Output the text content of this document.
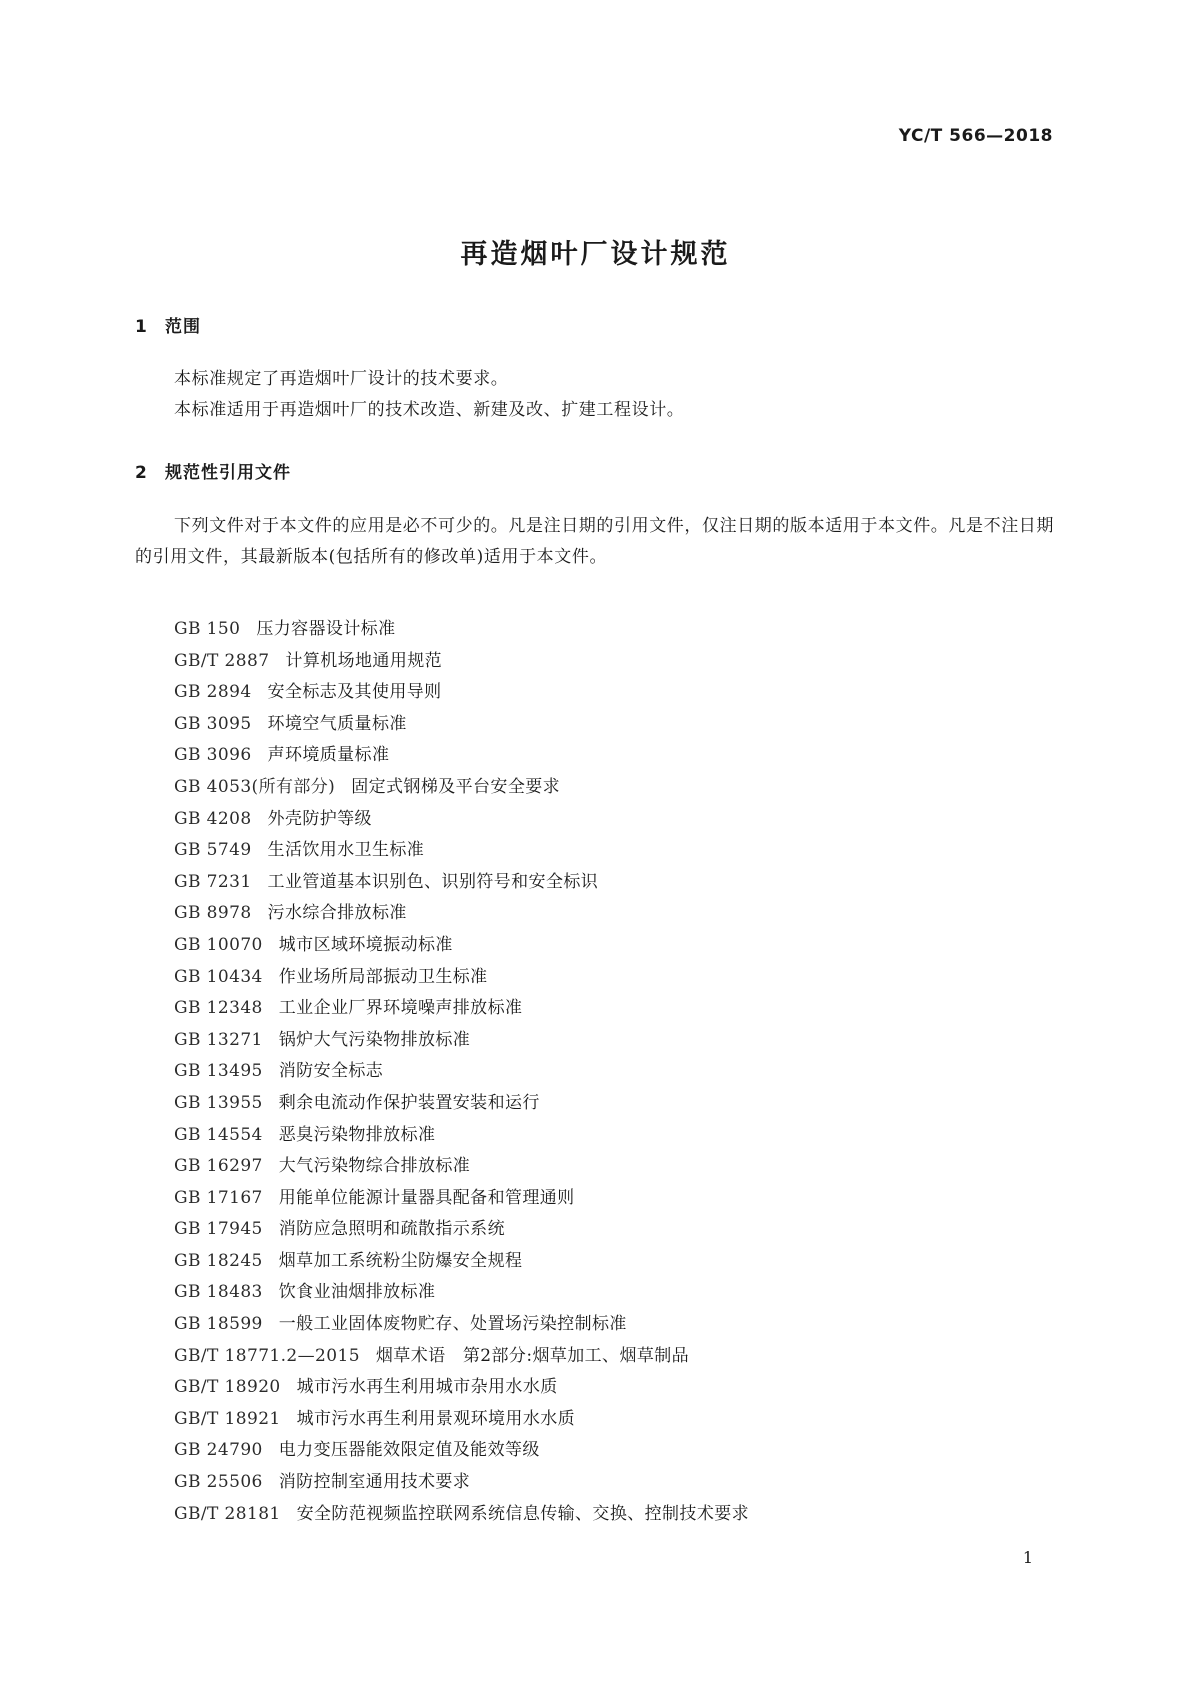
YC/T 566—2018
再造烟叶厂设计规范
1 范围

本标准规定了再造烟叶厂设计的技术要求。

本标准适用于再造烟叶厂的技术改造、新建及改、扩建工程设计。

2 规范性引用文件

下列文件对于本文件的应用是必不可少的。凡是注日期的引用文件，仅注日期的版本适用于本文件。凡是不注日期的引用文件，其最新版本(包括所有的修改单)适用于本文件。

GB 150 压力容器设计标准
GB/T 2887 计算机场地通用规范
GB 2894 安全标志及其使用导则
GB 3095 环境空气质量标准
GB 3096 声环境质量标准
GB 4053(所有部分) 固定式钢梯及平台安全要求
GB 4208 外壳防护等级
GB 5749 生活饮用水卫生标准
GB 7231 工业管道基本识别色、识别符号和安全标识
GB 8978 污水综合排放标准
GB 10070 城市区域环境振动标准
GB 10434 作业场所局部振动卫生标准
GB 12348 工业企业厂界环境噪声排放标准
GB 13271 锅炉大气污染物排放标准
GB 13495 消防安全标志
GB 13955 剩余电流动作保护装置安装和运行
GB 14554 恶臭污染物排放标准
GB 16297 大气污染物综合排放标准
GB 17167 用能单位能源计量器具配备和管理通则
GB 17945 消防应急照明和疏散指示系统
GB 18245 烟草加工系统粉尘防爆安全规程
GB 18483 饮食业油烟排放标准
GB 18599 一般工业固体废物贮存、处置场污染控制标准
GB/T 18771.2—2015 烟草术语　第2部分:烟草加工、烟草制品
GB/T 18920 城市污水再生利用城市杂用水水质
GB/T 18921 城市污水再生利用景观环境用水水质
GB 24790 电力变压器能效限定值及能效等级
GB 25506 消防控制室通用技术要求
GB/T 28181 安全防范视频监控联网系统信息传输、交换、控制技术要求
1
